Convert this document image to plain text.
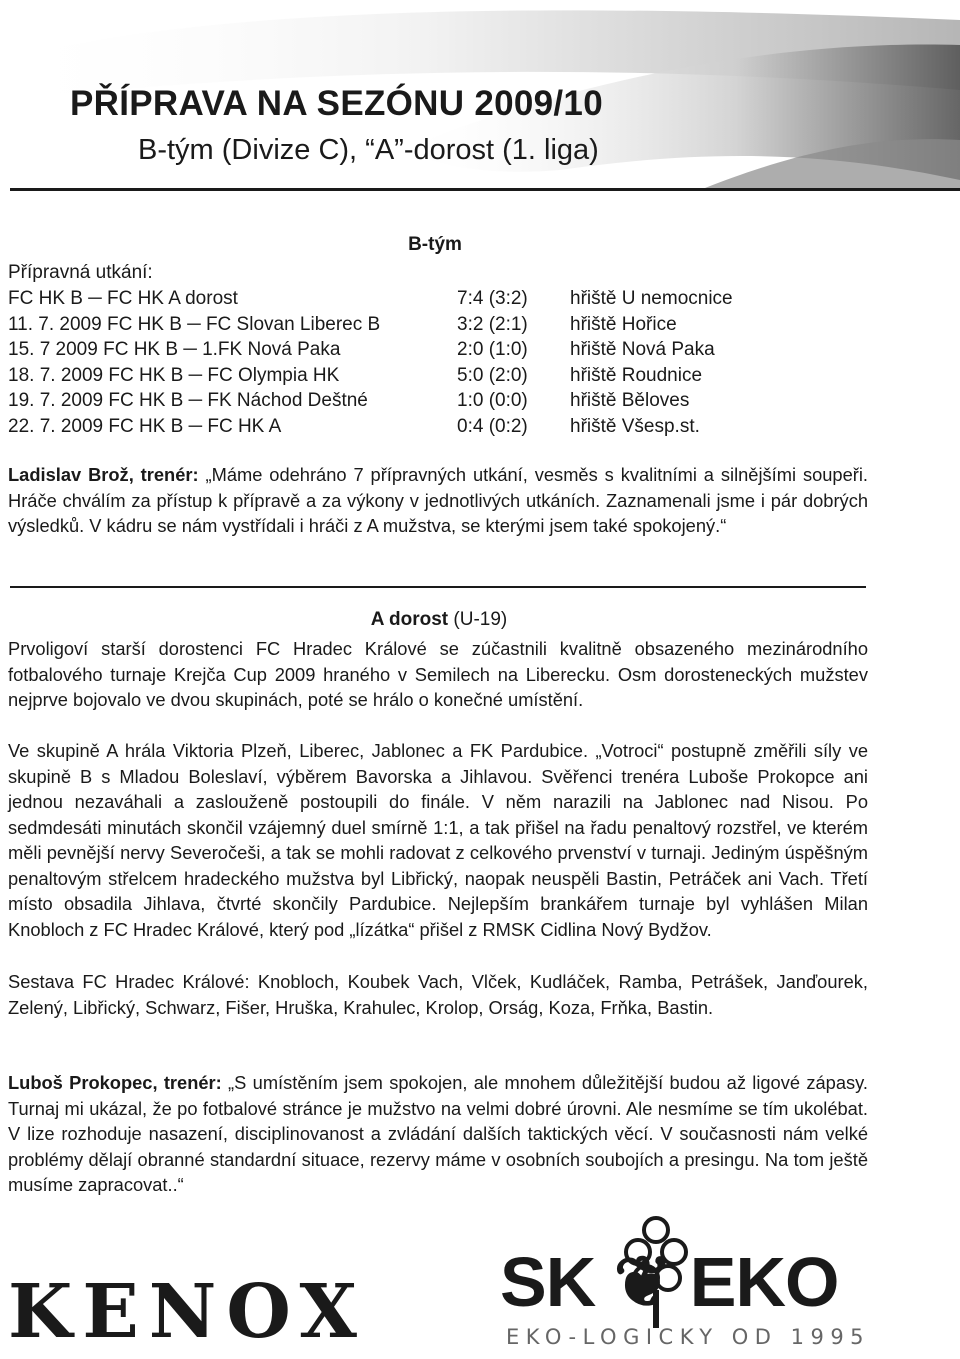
PŘÍPRAVA NA SEZÓNU 2009/10
B-tým (Divize C), “A”-dorost (1. liga)
B-tým
Přípravná utkání:
FC HK B ─ FC HK A dorost	7:4 (3:2) hřiště U nemocnice
11. 7. 2009 FC HK B ─ FC Slovan Liberec B	3:2 (2:1) hřiště Hořice
15. 7 2009 FC HK B ─ 1.FK Nová Paka	2:0 (1:0) hřiště Nová Paka
18. 7. 2009 FC HK B ─ FC Olympia HK	5:0 (2:0) hřiště Roudnice
19. 7. 2009 FC HK B ─ FK Náchod Deštné	1:0 (0:0) hřiště Běloves
22. 7. 2009 FC HK B ─ FC HK A	0:4 (0:2) hřiště Všesp.st.

Ladislav Brož, trenér: „Máme odehráno 7 přípravných utkání, vesměs s kvalitními a silnějšími soupeři. Hráče chválím za přístup k přípravě a za výkony v jednotlivých utkáních. Zaznamenali jsme i pár dobrých výsledků. V kádru se nám vystřídali i hráči z A mužstva, se kterými jsem také spokojený.“

A dorost (U-19)

Prvoligoví starší dorostenci FC Hradec Králové se zúčastnili kvalitně obsazeného mezinárodního fotbalového turnaje Krejča Cup 2009 hraného v Semilech na Liberecku. Osm dorosteneckých mužstev nejprve bojovalo ve dvou skupinách, poté se hrálo o konečné umístění.

Ve skupině A hrála Viktoria Plzeň, Liberec, Jablonec a FK Pardubice. „Votroci“ postupně změřili síly ve skupině B s Mladou Boleslaví, výběrem Bavorska a Jihlavou. Svěřenci trenéra Luboše Prokopce ani jednou nezaváhali a zaslouženě postoupili do finále. V něm narazili na Jablonec nad Nisou. Po sedmdesáti minutách skončil vzájemný duel smírně 1:1, a tak přišel na řadu penaltový rozstřel, ve kterém měli pevnější nervy Severočeši, a tak se mohli radovat z celkového prvenství v turnaji. Jediným úspěšným penaltovým střelcem hradeckého mužstva byl Libřický, naopak neuspěli Bastin, Petráček ani Vach. Třetí místo obsadila Jihlava, čtvrté skončily Pardubice. Nejlepším brankářem turnaje byl vyhlášen Milan Knobloch z FC Hradec Králové, který pod „lízátka“ přišel z RMSK Cidlina Nový Bydžov.

Sestava FC Hradec Králové: Knobloch, Koubek Vach, Vlček, Kudláček, Ramba, Petrášek, Janďourek, Zelený, Libřický, Schwarz, Fišer, Hruška, Krahulec, Krolop, Orság, Koza, Frňka, Bastin.

Luboš Prokopec, trenér: „S umístěním jsem spokojen, ale mnohem důležitější budou až ligové zápasy. Turnaj mi ukázal, že po fotbalové stránce je mužstvo na velmi dobré úrovni. Ale nesmíme se tím ukolébat. V lize rozhoduje nasazení, disciplinovanost a zvládání dalších taktických věcí. V současnosti nám velké problémy dělají obranné standardní situace, rezervy máme v osobních soubojích a presingu. Na tom ještě musíme zapracovat..“

KENOX	SK ❦ EKO
EKO-LOGICKY OD 1995
